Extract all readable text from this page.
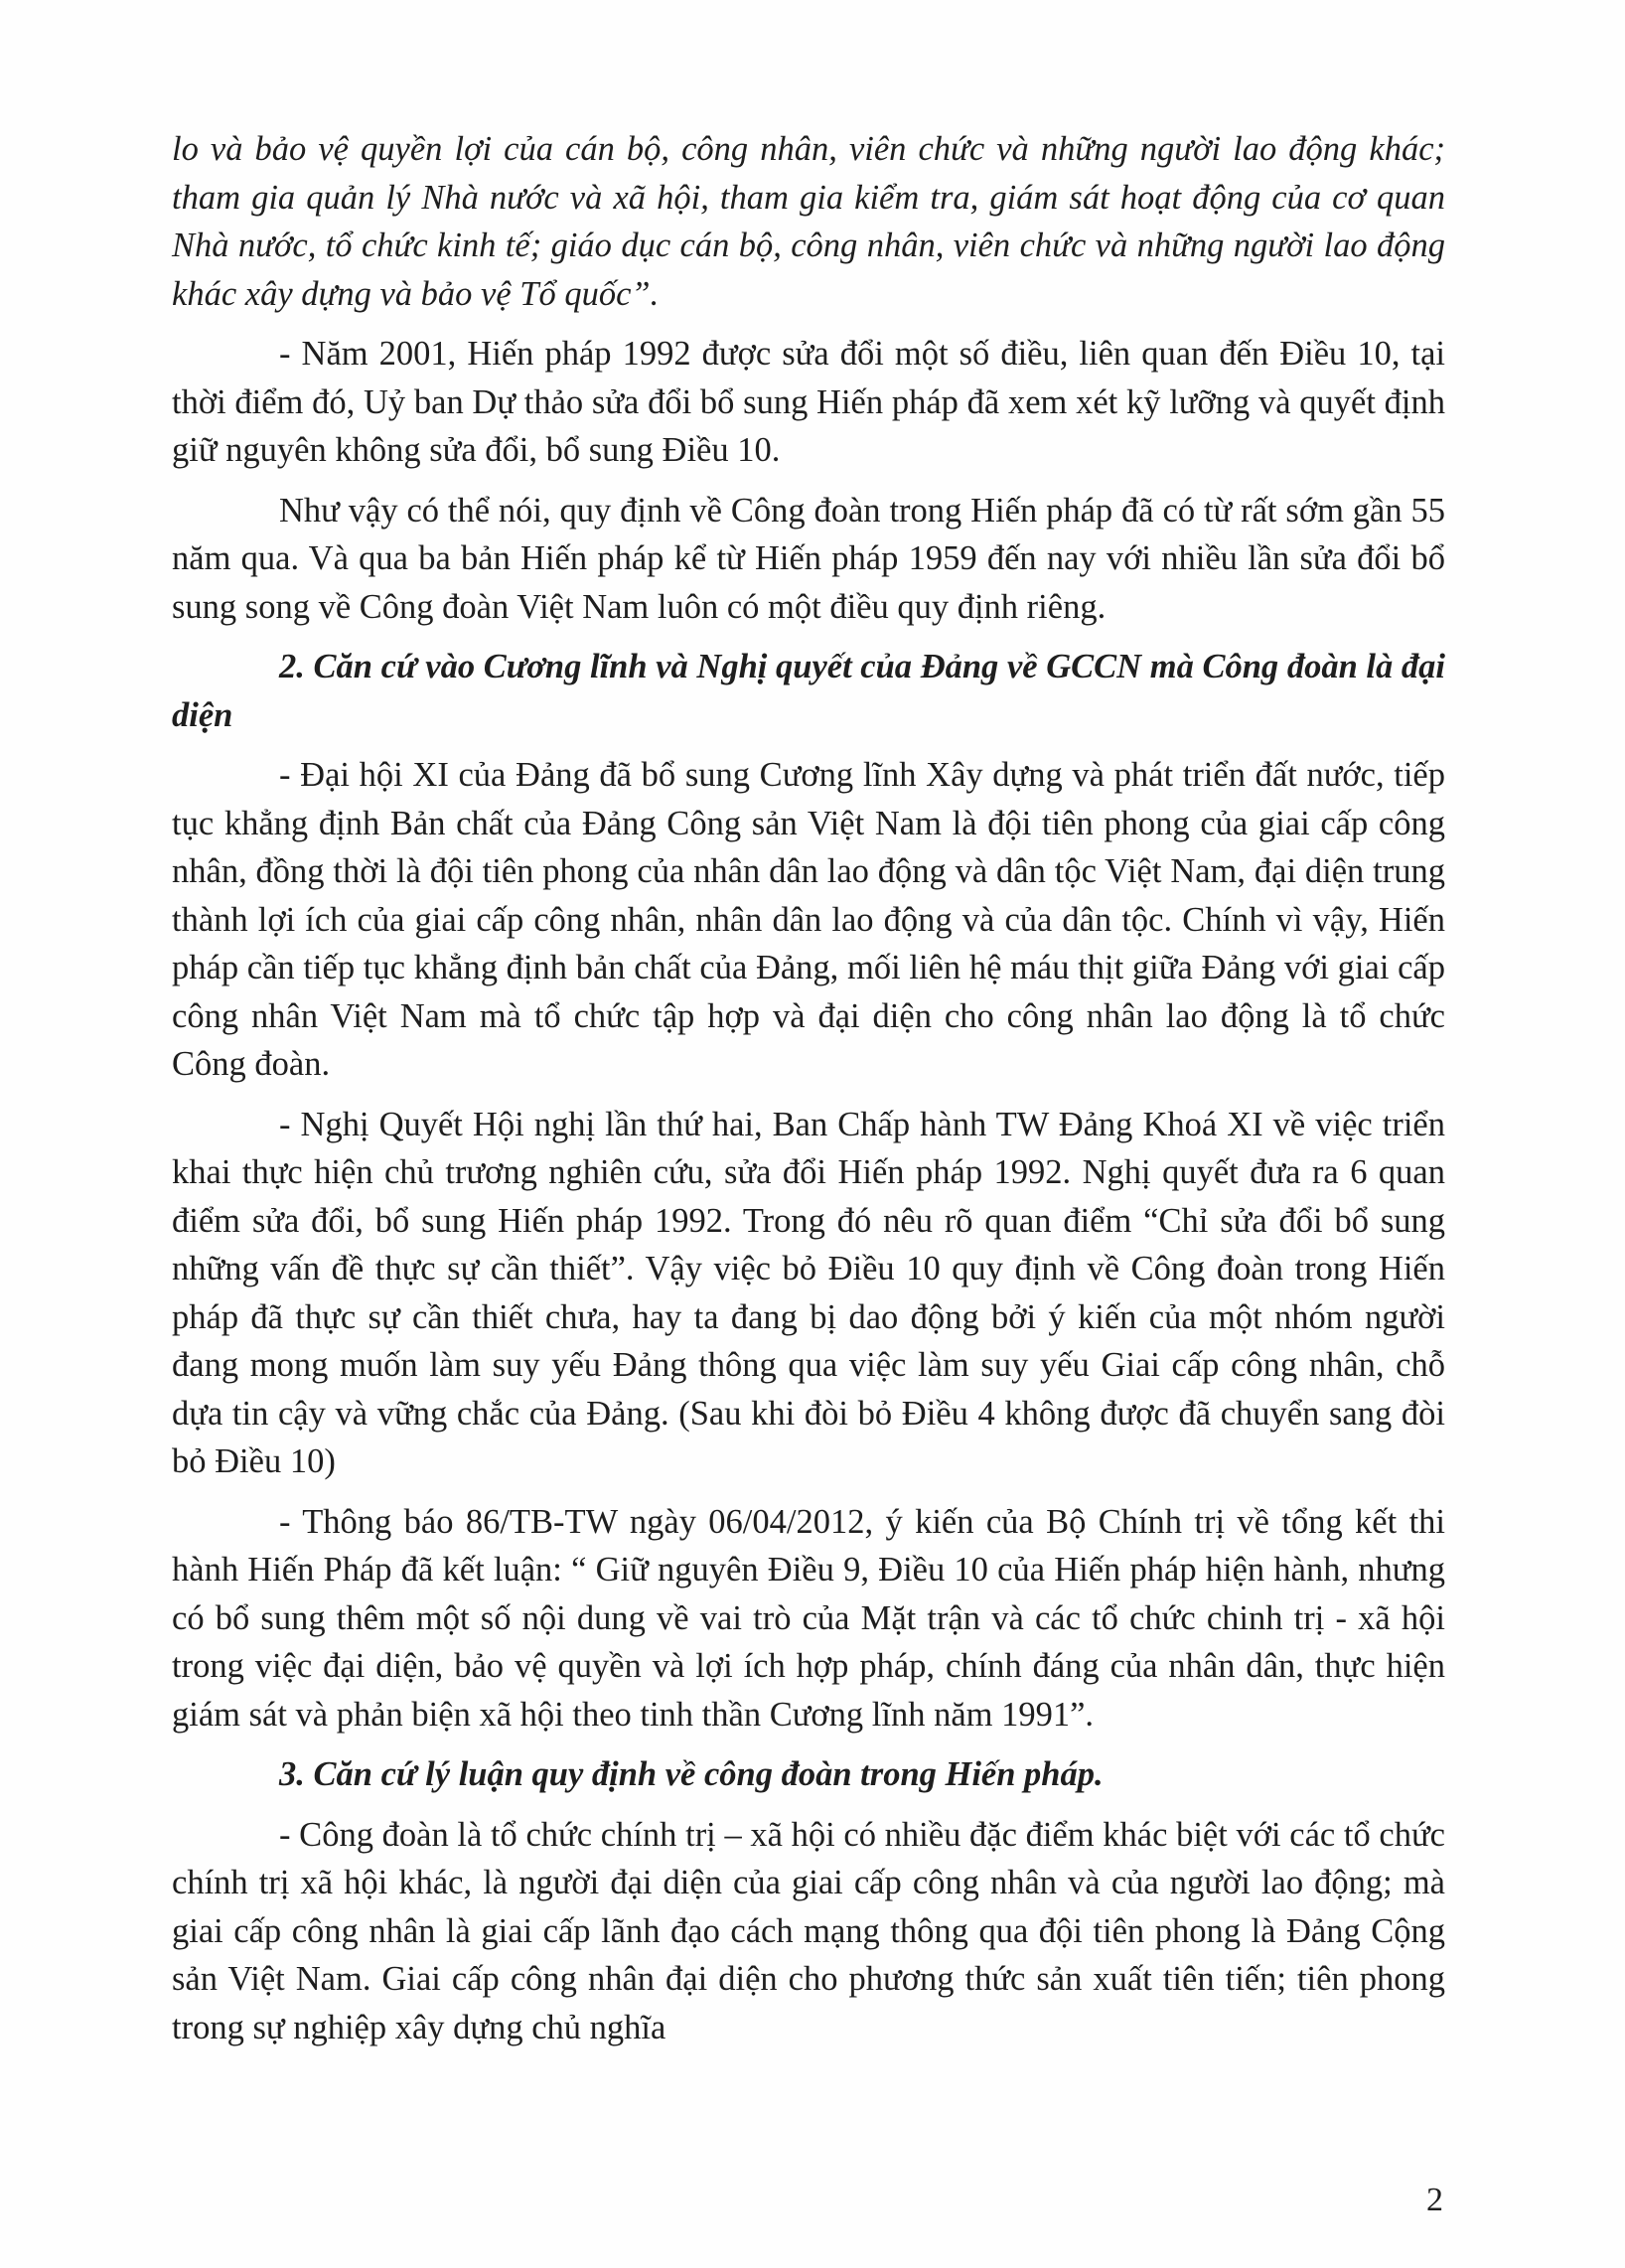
lo và bảo vệ quyền lợi của cán bộ, công nhân, viên chức và những người lao động khác; tham gia quản lý Nhà nước và xã hội, tham gia kiểm tra, giám sát hoạt động của cơ quan Nhà nước, tổ chức kinh tế; giáo dục cán bộ, công nhân, viên chức và những người lao động khác xây dựng và bảo vệ Tổ quốc”.

- Năm 2001, Hiến pháp 1992 được sửa đổi một số điều, liên quan đến Điều 10, tại thời điểm đó, Uỷ ban Dự thảo sửa đổi bổ sung Hiến pháp đã xem xét kỹ lưỡng và quyết định giữ nguyên không sửa đổi, bổ sung Điều 10.

Như vậy có thể nói, quy định về Công đoàn trong Hiến pháp đã có từ rất sớm gần 55 năm qua. Và qua ba bản Hiến pháp kể từ Hiến pháp 1959 đến nay với nhiều lần sửa đổi bổ sung song về Công đoàn Việt Nam luôn có một điều quy định riêng.

2. Căn cứ vào Cương lĩnh và Nghị quyết của Đảng về GCCN mà Công đoàn là đại diện

- Đại hội XI của Đảng đã bổ sung Cương lĩnh Xây dựng và phát triển đất nước, tiếp tục khẳng định Bản chất của Đảng Công sản Việt Nam là đội tiên phong của giai cấp công nhân, đồng thời là đội tiên phong của nhân dân lao động và dân tộc Việt Nam, đại diện trung thành lợi ích của giai cấp công nhân, nhân dân lao động và của dân tộc. Chính vì vậy, Hiến pháp cần tiếp tục khẳng định bản chất của Đảng, mối liên hệ máu thịt giữa Đảng với giai cấp công nhân Việt Nam mà tổ chức tập hợp và đại diện cho công nhân lao động là tổ chức Công đoàn.

- Nghị Quyết Hội nghị lần thứ hai, Ban Chấp hành TW Đảng Khoá XI về việc triển khai thực hiện chủ trương nghiên cứu, sửa đổi Hiến pháp 1992. Nghị quyết đưa ra 6 quan điểm sửa đổi, bổ sung Hiến pháp 1992. Trong đó nêu rõ quan điểm “Chỉ sửa đổi bổ sung những vấn đề thực sự cần thiết”. Vậy việc bỏ Điều 10 quy định về Công đoàn trong Hiến pháp đã thực sự cần thiết chưa, hay ta đang bị dao động bởi ý kiến của một nhóm người đang mong muốn làm suy yếu Đảng thông qua việc làm suy yếu Giai cấp công nhân, chỗ dựa tin cậy và vững chắc của Đảng. (Sau khi đòi bỏ Điều 4 không được đã chuyển sang đòi bỏ Điều 10)

- Thông báo 86/TB-TW ngày 06/04/2012, ý kiến của Bộ Chính trị về tổng kết thi hành Hiến Pháp đã kết luận: “ Giữ nguyên Điều 9, Điều 10 của Hiến pháp hiện hành, nhưng có bổ sung thêm một số nội dung về vai trò của Mặt trận và các tổ chức chinh trị - xã hội trong việc đại diện, bảo vệ quyền và lợi ích hợp pháp, chính đáng của nhân dân, thực hiện giám sát và phản biện xã hội theo tinh thần Cương lĩnh năm 1991”.

3. Căn cứ lý luận quy định về công đoàn trong Hiến pháp.

- Công đoàn là tổ chức chính trị – xã hội có nhiều đặc điểm khác biệt với các tổ chức chính trị xã hội khác, là người đại diện của giai cấp công nhân và của người lao động; mà giai cấp công nhân là giai cấp lãnh đạo cách mạng thông qua đội tiên phong là Đảng Cộng sản Việt Nam. Giai cấp công nhân đại diện cho phương thức sản xuất tiên tiến; tiên phong trong sự nghiệp xây dựng chủ nghĩa

2
